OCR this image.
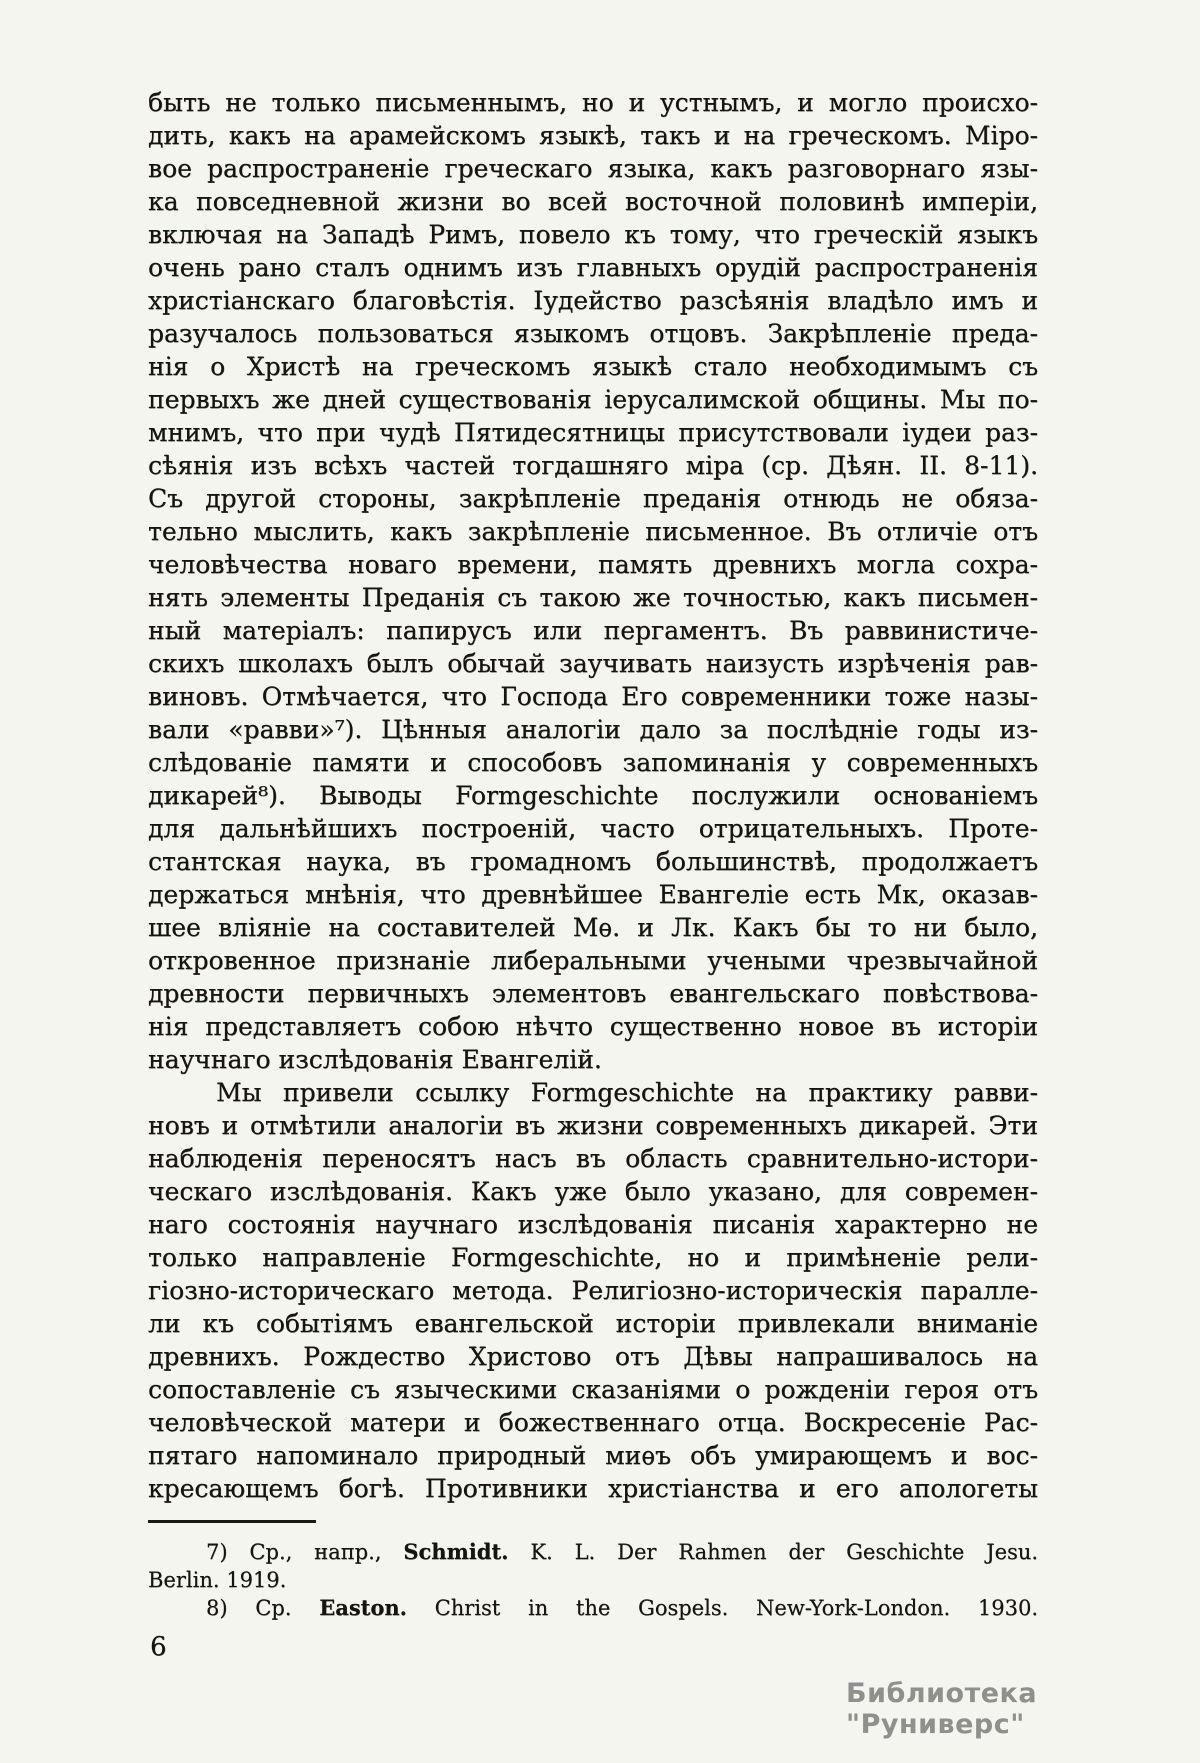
быть не только письменнымъ, но и устнымъ, и могло происхо-
дить, какъ на арамейскомъ языкѣ, такъ и на греческомъ. Міро-
вое распространеніе греческаго языка, какъ разговорнаго язы-
ка повседневной жизни во всей восточной половинѣ имперіи,
включая на Западѣ Римъ, повело къ тому, что греческій языкъ
очень рано сталъ однимъ изъ главныхъ орудій распространенія
христіанскаго благовѣстія. Іудейство разсѣянія владѣло имъ и
разучалось пользоваться языкомъ отцовъ. Закрѣпленіе преда-
нія о Христѣ на греческомъ языкѣ стало необходимымъ съ
первыхъ же дней существованія іерусалимской общины. Мы по-
мнимъ, что при чудѣ Пятидесятницы присутствовали іудеи раз-
сѣянія изъ всѣхъ частей тогдашняго міра (ср. Дѣян. II. 8-11).
Съ другой стороны, закрѣпленіе преданія отнюдь не обяза-
тельно мыслить, какъ закрѣпленіе письменное. Въ отличіе отъ
человѣчества новаго времени, память древнихъ могла сохра-
нять элементы Преданія съ такою же точностью, какъ письмен-
ный матеріалъ: папирусъ или пергаментъ. Въ раввинистиче-
скихъ школахъ былъ обычай заучивать наизусть изрѣченія рав-
виновъ. Отмѣчается, что Господа Его современники тоже назы-
вали «равви»⁷). Цѣнныя аналогіи дало за послѣдніе годы из-
слѣдованіе памяти и способовъ запоминанія у современныхъ
дикарей⁸). Выводы Formgeschichte послужили основаніемъ
для дальнѣйшихъ построеній, часто отрицательныхъ. Проте-
стантская наука, въ громадномъ большинствѣ, продолжаетъ
держаться мнѣнія, что древнѣйшее Евангеліе есть Мк, оказав-
шее вліяніе на составителей Мѳ. и Лк. Какъ бы то ни было,
откровенное признаніе либеральными учеными чрезвычайной
древности первичныхъ элементовъ евангельскаго повѣствова-
нія представляетъ собою нѣчто существенно новое въ исторіи
научнаго изслѣдованія Евангелій.
Мы привели ссылку Formgeschichte на практику равви-
новъ и отмѣтили аналогіи въ жизни современныхъ дикарей. Эти
наблюденія переносятъ насъ въ область сравнительно-истори-
ческаго изслѣдованія. Какъ уже было указано, для современ-
наго состоянія научнаго изслѣдованія писанія характерно не
только направленіе Formgeschichte, но и примѣненіе рели-
гіозно-историческаго метода. Религіозно-историческія паралле-
ли къ событіямъ евангельской исторіи привлекали вниманіе
древнихъ. Рождество Христово отъ Дѣвы напрашивалось на
сопоставленіе съ языческими сказаніями о рожденіи героя отъ
человѣческой матери и божественнаго отца. Воскресеніе Рас-
пятаго напоминало природный миѳъ объ умирающемъ и вос-
кресающемъ богѣ. Противники христіанства и его апологеты
7) Ср., напр., Schmidt. K. L. Der Rahmen der Geschichte Jesu.
Berlin. 1919.
8) Ср. Easton. Christ in the Gospels. New-York-London. 1930.
6
Библиотека "Руниверс"
